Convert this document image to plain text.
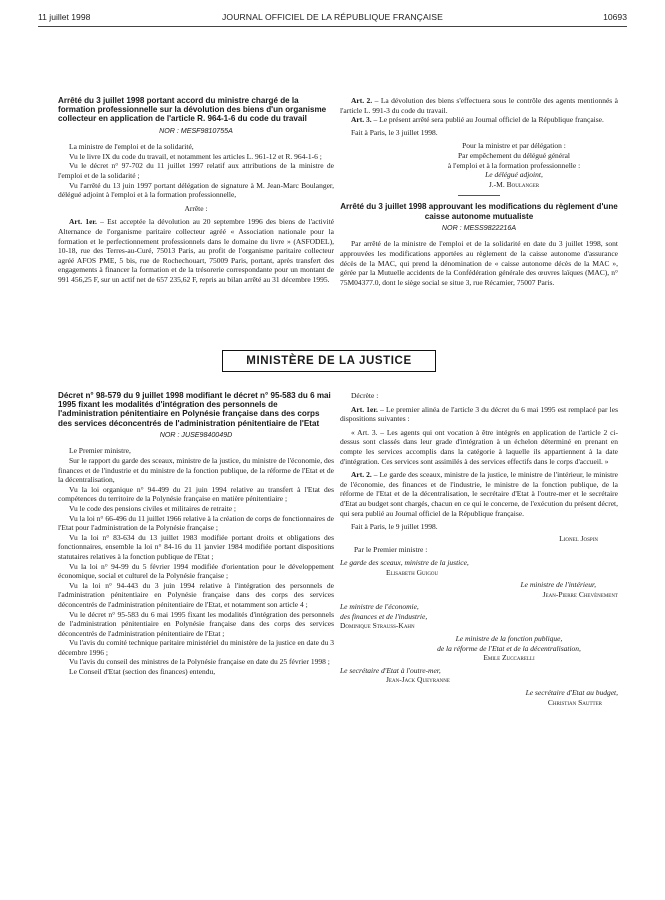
11 juillet 1998	JOURNAL OFFICIEL DE LA RÉPUBLIQUE FRANÇAISE	10693
Arrêté du 3 juillet 1998 portant accord du ministre chargé de la formation professionnelle sur la dévolution des biens d'un organisme collecteur en application de l'article R. 964-1-6 du code du travail
NOR : MESF9810755A

La ministre de l'emploi et de la solidarité,

Vu le livre IX du code du travail, et notamment les articles L. 961-12 et R. 964-1-6 ;

Vu le décret n° 97-702 du 11 juillet 1997 relatif aux attributions de la ministre de l'emploi et de la solidarité ;

Vu l'arrêté du 13 juin 1997 portant délégation de signature à M. Jean-Marc Boulanger, délégué adjoint à l'emploi et à la formation professionnelle,

Arrête :

Art. 1er. – Est acceptée la dévolution au 20 septembre 1996 des biens de l'activité Alternance de l'organisme paritaire collecteur agréé « Association nationale pour la formation et le perfectionnement professionnels dans le domaine du livre » (ASFODEL), 10-18, rue des Terres-au-Curé, 75013 Paris, au profit de l'organisme paritaire collecteur agréé AFOS PME, 5 bis, rue de Rochechouart, 75009 Paris, portant, après transfert des engagements à financer la formation et de la trésorerie correspondante pour un montant de 991 456,25 F, sur un actif net de 657 235,62 F, repris au bilan arrêté au 31 décembre 1995.

Art. 2. – La dévolution des biens s'effectuera sous le contrôle des agents mentionnés à l'article L. 991-3 du code du travail.

Art. 3. – Le présent arrêté sera publié au Journal officiel de la République française.

Fait à Paris, le 3 juillet 1998.

Pour la ministre et par délégation :
Par empêchement du délégué général
à l'emploi et à la formation professionnelle :
Le délégué adjoint,
J.-M. Boulanger
Arrêté du 3 juillet 1998 approuvant les modifications du règlement d'une caisse autonome mutualiste
NOR : MESS9822216A

Par arrêté de la ministre de l'emploi et de la solidarité en date du 3 juillet 1998, sont approuvées les modifications apportées au règlement de la caisse autonome d'assurance décès de la MAC, qui prend la dénomination de « caisse autonome décès de la MAC », gérée par la Mutuelle accidents de la Confédération générale des œuvres laïques (MAC), n° 75M04377.0, dont le siège social se situe 3, rue Récamier, 75007 Paris.

MINISTÈRE DE LA JUSTICE
Décret n° 98-579 du 9 juillet 1998 modifiant le décret n° 95-583 du 6 mai 1995 fixant les modalités d'intégration des personnels de l'administration pénitentiaire en Polynésie française dans des corps des services déconcentrés de l'administration pénitentiaire de l'Etat
NOR : JUSE9840049D

Le Premier ministre,

Sur le rapport du garde des sceaux, ministre de la justice, du ministre de l'économie, des finances et de l'industrie et du ministre de la fonction publique, de la réforme de l'Etat et de la décentralisation,

Vu la loi organique n° 94-499 du 21 juin 1994 relative au transfert à l'Etat des compétences du territoire de la Polynésie française en matière pénitentiaire ;

Vu le code des pensions civiles et militaires de retraite ;

Vu la loi n° 66-496 du 11 juillet 1966 relative à la création de corps de fonctionnaires de l'Etat pour l'administration de la Polynésie française ;

Vu la loi n° 83-634 du 13 juillet 1983 modifiée portant droits et obligations des fonctionnaires, ensemble la loi n° 84-16 du 11 janvier 1984 modifiée portant dispositions statutaires relatives à la fonction publique de l'Etat ;

Vu la loi n° 94-99 du 5 février 1994 modifiée d'orientation pour le développement économique, social et culturel de la Polynésie française ;

Vu la loi n° 94-443 du 3 juin 1994 relative à l'intégration des personnels de l'administration pénitentiaire en Polynésie française dans des corps des services déconcentrés de l'administration pénitentiaire de l'Etat, et notamment son article 4 ;

Vu le décret n° 95-583 du 6 mai 1995 fixant les modalités d'intégration des personnels de l'administration pénitentiaire en Polynésie française dans des corps des services déconcentrés de l'administration pénitentiaire de l'Etat ;

Vu l'avis du comité technique paritaire ministériel du ministère de la justice en date du 3 décembre 1996 ;

Vu l'avis du conseil des ministres de la Polynésie française en date du 25 février 1998 ;

Le Conseil d'Etat (section des finances) entendu,

Décrète :

Art. 1er. – Le premier alinéa de l'article 3 du décret du 6 mai 1995 est remplacé par les dispositions suivantes :

« Art. 3. – Les agents qui ont vocation à être intégrés en application de l'article 2 ci-dessus sont classés dans leur grade d'intégration à un échelon déterminé en prenant en compte les services accomplis dans la catégorie à laquelle ils appartiennent à la date d'intégration. Ces services sont assimilés à des services effectifs dans le corps d'accueil. »

Art. 2. – Le garde des sceaux, ministre de la justice, le ministre de l'intérieur, le ministre de l'économie, des finances et de l'industrie, le ministre de la fonction publique, de la réforme de l'Etat et de la décentralisation, le secrétaire d'Etat à l'outre-mer et le secrétaire d'Etat au budget sont chargés, chacun en ce qui le concerne, de l'exécution du présent décret, qui sera publié au Journal officiel de la République française.

Fait à Paris, le 9 juillet 1998.

Lionel Jospin
Par le Premier ministre :
Le garde des sceaux, ministre de la justice,
Elisabeth Guigou
Le ministre de l'intérieur,
Jean-Pierre Chevènement
Le ministre de l'économie,
des finances et de l'industrie,
Dominique Strauss-Kahn
Le ministre de la fonction publique,
de la réforme de l'Etat et de la décentralisation,
Emile Zuccarelli
Le secrétaire d'Etat à l'outre-mer,
Jean-Jack Queyranne
Le secrétaire d'Etat au budget,
Christian Sautter
